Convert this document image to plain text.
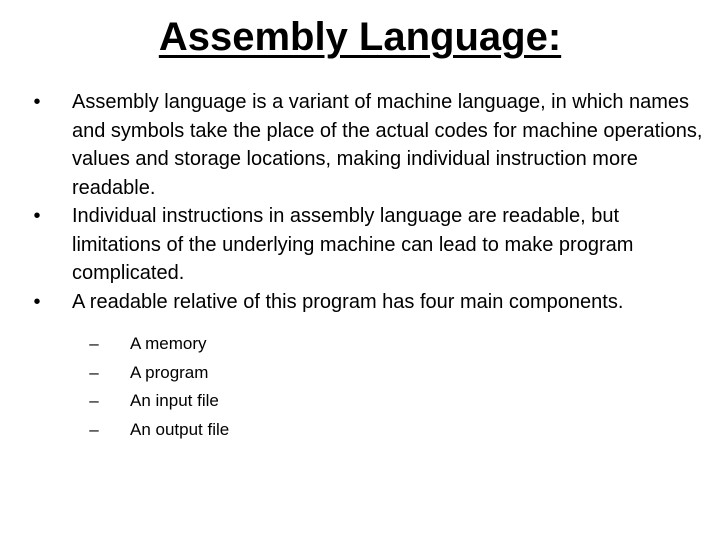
Assembly Language:
• Assembly language is a variant of machine language, in which names and symbols take the place of the actual codes for machine operations, values and storage locations, making individual instruction more readable.
• Individual instructions in assembly language are readable, but limitations of the underlying machine can lead to make program complicated.
• A readable relative of this program has four main components.
– A memory
– A program
– An input file
– An output file
